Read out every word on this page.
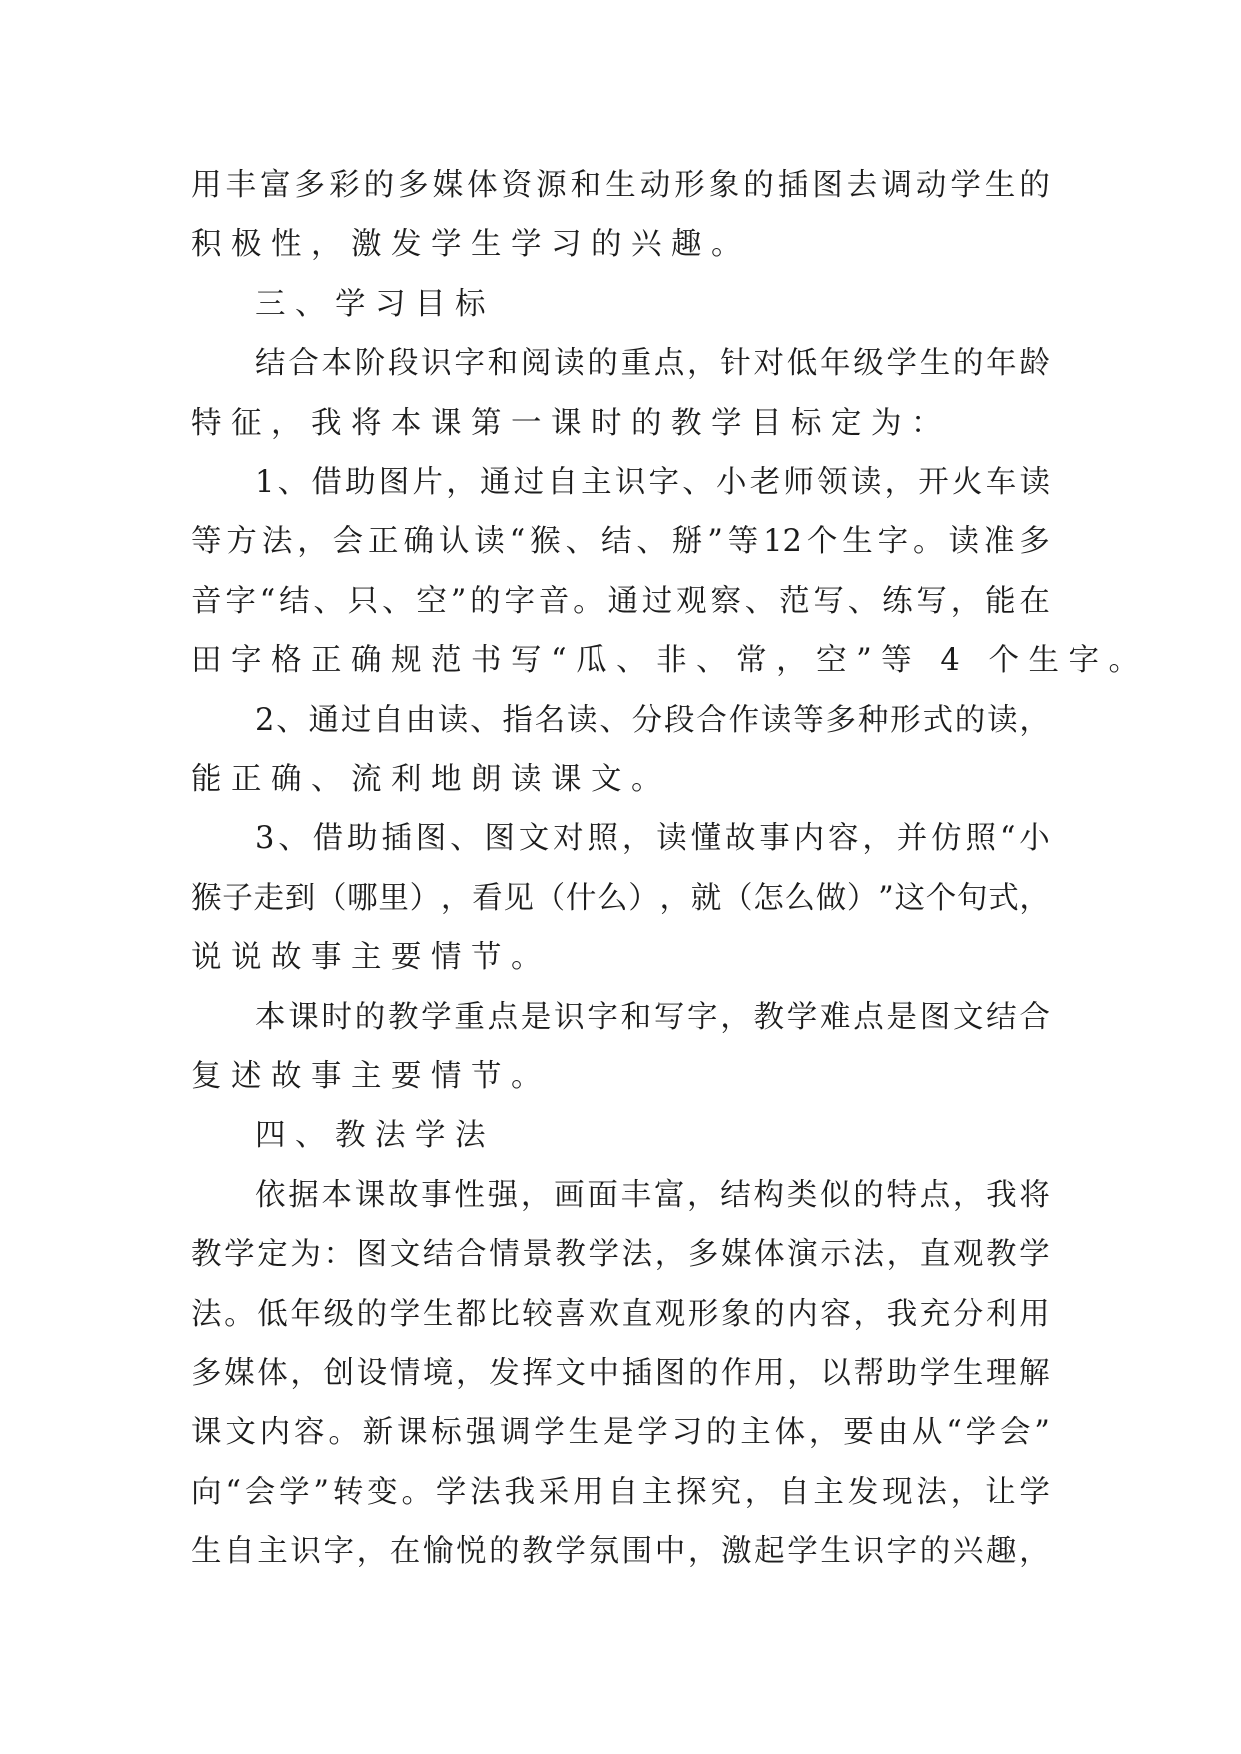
用 丰 富 多 彩 的 多 媒 体 资 源 和 生 动 形 象 的 插 图 去 调 动 学 生 的
积极性，激发学生学习的兴趣。
三、学习目标
结 合 本 阶 段 识 字 和 阅 读 的 重 点 ， 针 对 低 年 级 学 生 的 年 龄
特征，我将本课第一课时的教学目标定为：
1 、 借 助 图 片 ， 通 过 自 主 识 字 、 小 老 师 领 读 ， 开 火 车 读
等 方 法 ， 会 正 确 认 读 “ 猴 、 结 、 掰 ” 等 12 个 生 字 。 读 准 多
音 字 “ 结 、 只 、 空 ” 的 字 音 。 通 过 观 察 、 范 写 、 练 写 ， 能 在
田字格正确规范书写“瓜、非、常，空”等 4 个生字。
2 、 通 过 自 由 读 、 指 名 读 、 分 段 合 作 读 等 多 种 形 式 的 读 ，
能正确、流利地朗读课文。
3 、 借 助 插 图 、 图 文 对 照 ， 读 懂 故 事 内 容 ， 并 仿 照 “ 小
猴 子 走 到 （ 哪 里 ） ， 看 见 （ 什 么 ） ， 就 （ 怎 么 做 ） ” 这 个 句 式 ，
说说故事主要情节。
本 课 时 的 教 学 重 点 是 识 字 和 写 字 ， 教 学 难 点 是 图 文 结 合
复述故事主要情节。
四、教法学法
依 据 本 课 故 事 性 强 ， 画 面 丰 富 ， 结 构 类 似 的 特 点 ， 我 将
教 学 定 为 ： 图 文 结 合 情 景 教 学 法 ， 多 媒 体 演 示 法 ， 直 观 教 学
法 。 低 年 级 的 学 生 都 比 较 喜 欢 直 观 形 象 的 内 容 ， 我 充 分 利 用
多 媒 体 ， 创 设 情 境 ， 发 挥 文 中 插 图 的 作 用 ， 以 帮 助 学 生 理 解
课 文 内 容 。 新 课 标 强 调 学 生 是 学 习 的 主 体 ， 要 由 从 “ 学 会 ”
向 “ 会 学 ” 转 变 。 学 法 我 采 用 自 主 探 究 ， 自 主 发 现 法 ， 让 学
生 自 主 识 字 ， 在 愉 悦 的 教 学 氛 围 中 ， 激 起 学 生 识 字 的 兴 趣 ，
